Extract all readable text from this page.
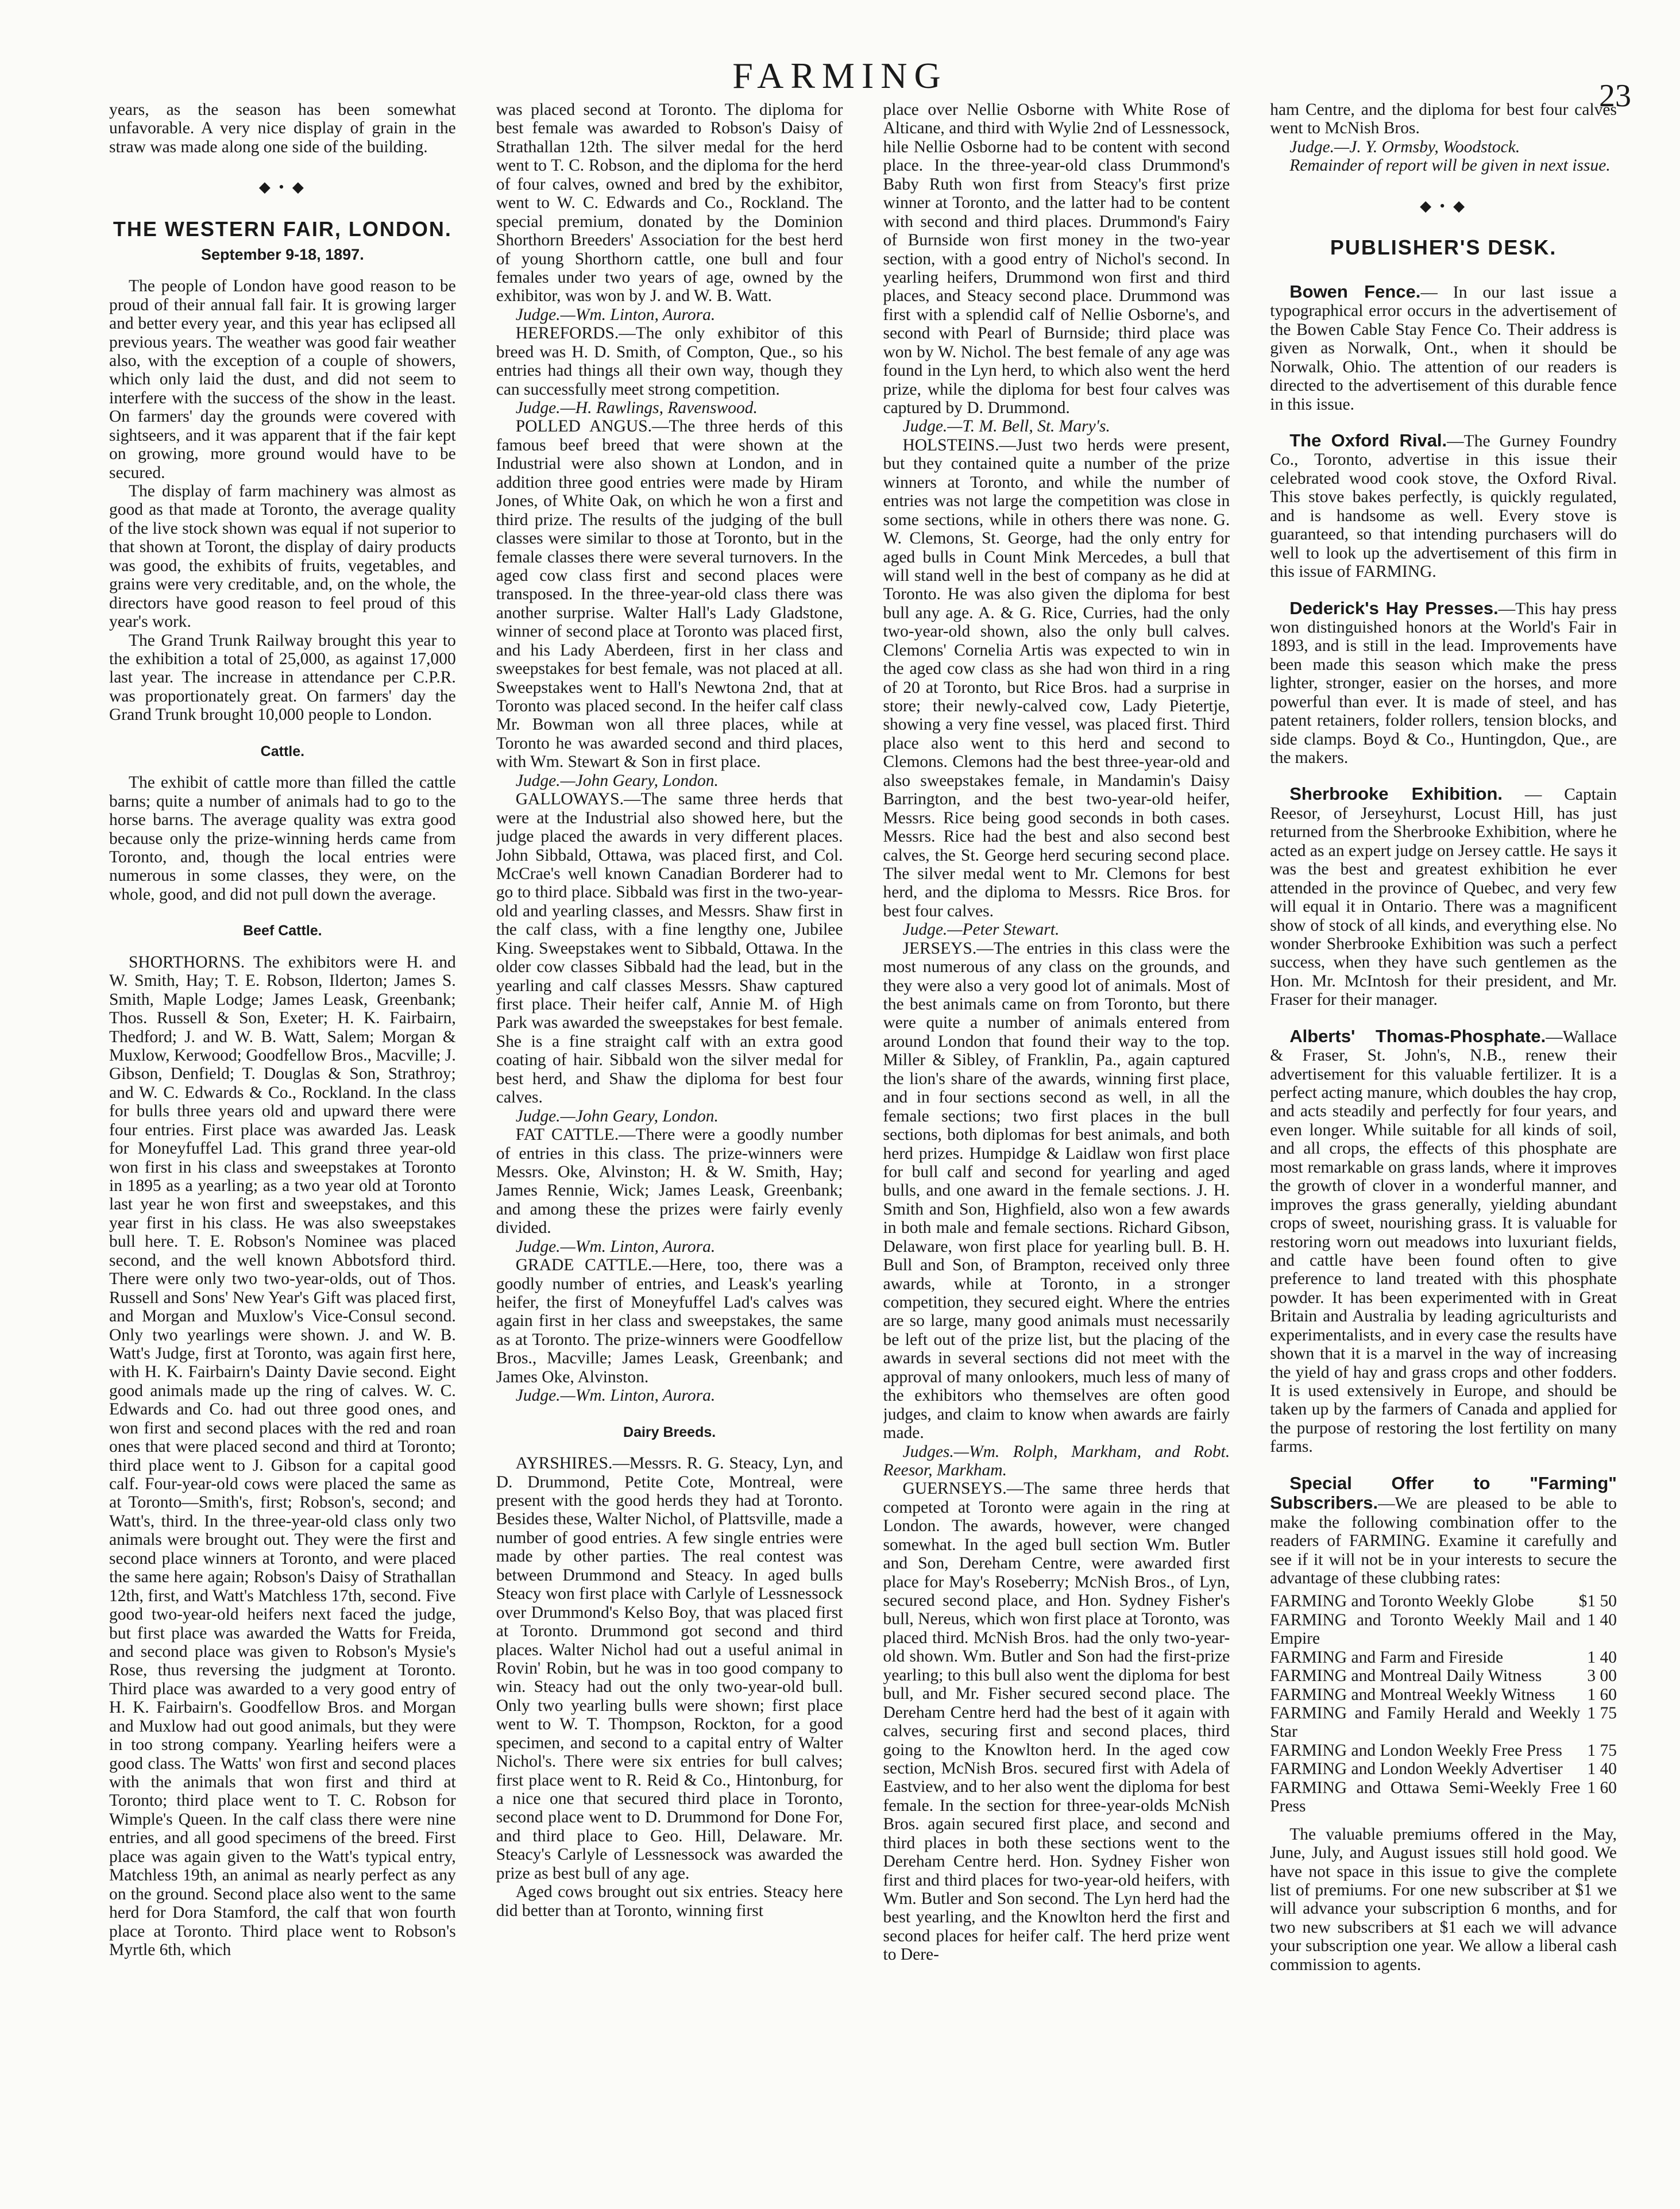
FARMING	23

years, as the season has been somewhat unfavorable. A very nice display of grain in the straw was made along one side of the building.

◆ • ◆
THE WESTERN FAIR, LONDON.
September 9-18, 1897.

The people of London have good reason to be proud of their annual fall fair. It is growing larger and better every year, and this year has eclipsed all previous years. The weather was good fair weather also, with the exception of a couple of showers, which only laid the dust, and did not seem to interfere with the success of the show in the least. On farmers' day the grounds were covered with sightseers, and it was apparent that if the fair kept on growing, more ground would have to be secured.

The display of farm machinery was almost as good as that made at Toronto, the average quality of the live stock shown was equal if not superior to that shown at Toront, the display of dairy products was good, the exhibits of fruits, vegetables, and grains were very creditable, and, on the whole, the directors have good reason to feel proud of this year's work.

The Grand Trunk Railway brought this year to the exhibition a total of 25,000, as against 17,000 last year. The increase in attendance per C.P.R. was proportionately great. On farmers' day the Grand Trunk brought 10,000 people to London.

Cattle.

The exhibit of cattle more than filled the cattle barns; quite a number of animals had to go to the horse barns. The average quality was extra good because only the prize-winning herds came from Toronto, and, though the local entries were numerous in some classes, they were, on the whole, good, and did not pull down the average.

Beef Cattle.

SHORTHORNS. The exhibitors were H. and W. Smith, Hay; T. E. Robson, Ilderton; James S. Smith, Maple Lodge; James Leask, Greenbank; Thos. Russell & Son, Exeter; H. K. Fairbairn, Thedford; J. and W. B. Watt, Salem; Morgan & Muxlow, Kerwood; Goodfellow Bros., Macville; J. Gibson, Denfield; T. Douglas & Son, Strathroy; and W. C. Edwards & Co., Rockland. In the class for bulls three years old and upward there were four entries. First place was awarded Jas. Leask for Moneyfuffel Lad. This grand three year-old won first in his class and sweepstakes at Toronto in 1895 as a yearling; as a two year old at Toronto last year he won first and sweepstakes, and this year first in his class. He was also sweepstakes bull here. T. E. Robson's Nominee was placed second, and the well known Abbotsford third. There were only two two-year-olds, out of Thos. Russell and Sons' New Year's Gift was placed first, and Morgan and Muxlow's Vice-Consul second. Only two yearlings were shown. J. and W. B. Watt's Judge, first at Toronto, was again first here, with H. K. Fairbairn's Dainty Davie second. Eight good animals made up the ring of calves. W. C. Edwards and Co. had out three good ones, and won first and second places with the red and roan ones that were placed second and third at Toronto; third place went to J. Gibson for a capital good calf. Four-year-old cows were placed the same as at Toronto—Smith's, first; Robson's, second; and Watt's, third. In the three-year-old class only two animals were brought out. They were the first and second place winners at Toronto, and were placed the same here again; Robson's Daisy of Strathallan 12th, first, and Watt's Matchless 17th, second. Five good two-year-old heifers next faced the judge, but first place was awarded the Watts for Freida, and second place was given to Robson's Mysie's Rose, thus reversing the judgment at Toronto. Third place was awarded to a very good entry of H. K. Fairbairn's. Goodfellow Bros. and Morgan and Muxlow had out good animals, but they were in too strong company. Yearling heifers were a good class. The Watts' won first and second places with the animals that won first and third at Toronto; third place went to T. C. Robson for Wimple's Queen. In the calf class there were nine entries, and all good specimens of the breed. First place was again given to the Watt's typical entry, Matchless 19th, an animal as nearly perfect as any on the ground. Second place also went to the same herd for Dora Stamford, the calf that won fourth place at Toronto. Third place went to Robson's Myrtle 6th, which

was placed second at Toronto. The diploma for best female was awarded to Robson's Daisy of Strathallan 12th. The silver medal for the herd went to T. C. Robson, and the diploma for the herd of four calves, owned and bred by the exhibitor, went to W. C. Edwards and Co., Rockland. The special premium, donated by the Dominion Shorthorn Breeders' Association for the best herd of young Shorthorn cattle, one bull and four females under two years of age, owned by the exhibitor, was won by J. and W. B. Watt.

Judge.—Wm. Linton, Aurora.

HEREFORDS.—The only exhibitor of this breed was H. D. Smith, of Compton, Que., so his entries had things all their own way, though they can successfully meet strong competition.

Judge.—H. Rawlings, Ravenswood.

POLLED ANGUS.—The three herds of this famous beef breed that were shown at the Industrial were also shown at London, and in addition three good entries were made by Hiram Jones, of White Oak, on which he won a first and third prize. The results of the judging of the bull classes were similar to those at Toronto, but in the female classes there were several turnovers. In the aged cow class first and second places were transposed. In the three-year-old class there was another surprise. Walter Hall's Lady Gladstone, winner of second place at Toronto was placed first, and his Lady Aberdeen, first in her class and sweepstakes for best female, was not placed at all. Sweepstakes went to Hall's Newtona 2nd, that at Toronto was placed second. In the heifer calf class Mr. Bowman won all three places, while at Toronto he was awarded second and third places, with Wm. Stewart & Son in first place.

Judge.—John Geary, London.

GALLOWAYS.—The same three herds that were at the Industrial also showed here, but the judge placed the awards in very different places. John Sibbald, Ottawa, was placed first, and Col. McCrae's well known Canadian Borderer had to go to third place. Sibbald was first in the two-year-old and yearling classes, and Messrs. Shaw first in the calf class, with a fine lengthy one, Jubilee King. Sweepstakes went to Sibbald, Ottawa. In the older cow classes Sibbald had the lead, but in the yearling and calf classes Messrs. Shaw captured first place. Their heifer calf, Annie M. of High Park was awarded the sweepstakes for best female. She is a fine straight calf with an extra good coating of hair. Sibbald won the silver medal for best herd, and Shaw the diploma for best four calves.

Judge.—John Geary, London.

FAT CATTLE.—There were a goodly number of entries in this class. The prize-winners were Messrs. Oke, Alvinston; H. & W. Smith, Hay; James Rennie, Wick; James Leask, Greenbank; and among these the prizes were fairly evenly divided.

Judge.—Wm. Linton, Aurora.

GRADE CATTLE.—Here, too, there was a goodly number of entries, and Leask's yearling heifer, the first of Moneyfuffel Lad's calves was again first in her class and sweepstakes, the same as at Toronto. The prize-winners were Goodfellow Bros., Macville; James Leask, Greenbank; and James Oke, Alvinston.

Judge.—Wm. Linton, Aurora.

Dairy Breeds.

AYRSHIRES.—Messrs. R. G. Steacy, Lyn, and D. Drummond, Petite Cote, Montreal, were present with the good herds they had at Toronto. Besides these, Walter Nichol, of Plattsville, made a number of good entries. A few single entries were made by other parties. The real contest was between Drummond and Steacy. In aged bulls Steacy won first place with Carlyle of Lessnessock over Drummond's Kelso Boy, that was placed first at Toronto. Drummond got second and third places. Walter Nichol had out a useful animal in Rovin' Robin, but he was in too good company to win. Steacy had out the only two-year-old bull. Only two yearling bulls were shown; first place went to W. T. Thompson, Rockton, for a good specimen, and second to a capital entry of Walter Nichol's. There were six entries for bull calves; first place went to R. Reid & Co., Hintonburg, for a nice one that secured third place in Toronto, second place went to D. Drummond for Done For, and third place to Geo. Hill, Delaware. Mr. Steacy's Carlyle of Lessnessock was awarded the prize as best bull of any age.

Aged cows brought out six entries. Steacy here did better than at Toronto, winning first

place over Nellie Osborne with White Rose of Alticane, and third with Wylie 2nd of Lessnessock, hile Nellie Osborne had to be content with second place. In the three-year-old class Drummond's Baby Ruth won first from Steacy's first prize winner at Toronto, and the latter had to be content with second and third places. Drummond's Fairy of Burnside won first money in the two-year section, with a good entry of Nichol's second. In yearling heifers, Drummond won first and third places, and Steacy second place. Drummond was first with a splendid calf of Nellie Osborne's, and second with Pearl of Burnside; third place was won by W. Nichol. The best female of any age was found in the Lyn herd, to which also went the herd prize, while the diploma for best four calves was captured by D. Drummond.

Judge.—T. M. Bell, St. Mary's.

HOLSTEINS.—Just two herds were present, but they contained quite a number of the prize winners at Toronto, and while the number of entries was not large the competition was close in some sections, while in others there was none. G. W. Clemons, St. George, had the only entry for aged bulls in Count Mink Mercedes, a bull that will stand well in the best of company as he did at Toronto. He was also given the diploma for best bull any age. A. & G. Rice, Curries, had the only two-year-old shown, also the only bull calves. Clemons' Cornelia Artis was expected to win in the aged cow class as she had won third in a ring of 20 at Toronto, but Rice Bros. had a surprise in store; their newly-calved cow, Lady Pietertje, showing a very fine vessel, was placed first. Third place also went to this herd and second to Clemons. Clemons had the best three-year-old and also sweepstakes female, in Mandamin's Daisy Barrington, and the best two-year-old heifer, Messrs. Rice being good seconds in both cases. Messrs. Rice had the best and also second best calves, the St. George herd securing second place. The silver medal went to Mr. Clemons for best herd, and the diploma to Messrs. Rice Bros. for best four calves.

Judge.—Peter Stewart.

JERSEYS.—The entries in this class were the most numerous of any class on the grounds, and they were also a very good lot of animals. Most of the best animals came on from Toronto, but there were quite a number of animals entered from around London that found their way to the top. Miller & Sibley, of Franklin, Pa., again captured the lion's share of the awards, winning first place, and in four sections second as well, in all the female sections; two first places in the bull sections, both diplomas for best animals, and both herd prizes. Humpidge & Laidlaw won first place for bull calf and second for yearling and aged bulls, and one award in the female sections. J. H. Smith and Son, Highfield, also won a few awards in both male and female sections. Richard Gibson, Delaware, won first place for yearling bull. B. H. Bull and Son, of Brampton, received only three awards, while at Toronto, in a stronger competition, they secured eight. Where the entries are so large, many good animals must necessarily be left out of the prize list, but the placing of the awards in several sections did not meet with the approval of many onlookers, much less of many of the exhibitors who themselves are often good judges, and claim to know when awards are fairly made.

Judges.—Wm. Rolph, Markham, and Robt. Reesor, Markham.

GUERNSEYS.—The same three herds that competed at Toronto were again in the ring at London. The awards, however, were changed somewhat. In the aged bull section Wm. Butler and Son, Dereham Centre, were awarded first place for May's Roseberry; McNish Bros., of Lyn, secured second place, and Hon. Sydney Fisher's bull, Nereus, which won first place at Toronto, was placed third. McNish Bros. had the only two-year-old shown. Wm. Butler and Son had the first-prize yearling; to this bull also went the diploma for best bull, and Mr. Fisher secured second place. The Dereham Centre herd had the best of it again with calves, securing first and second places, third going to the Knowlton herd. In the aged cow section, McNish Bros. secured first with Adela of Eastview, and to her also went the diploma for best female. In the section for three-year-olds McNish Bros. again secured first place, and second and third places in both these sections went to the Dereham Centre herd. Hon. Sydney Fisher won first and third places for two-year-old heifers, with Wm. Butler and Son second. The Lyn herd had the best yearling, and the Knowlton herd the first and second places for heifer calf. The herd prize went to Dere-

ham Centre, and the diploma for best four calves went to McNish Bros.

Judge.—J. Y. Ormsby, Woodstock.

Remainder of report will be given in next issue.

◆ • ◆
PUBLISHER'S DESK.

Bowen Fence.— In our last issue a typographical error occurs in the advertisement of the Bowen Cable Stay Fence Co. Their address is given as Norwalk, Ont., when it should be Norwalk, Ohio. The attention of our readers is directed to the advertisement of this durable fence in this issue.

The Oxford Rival.—The Gurney Foundry Co., Toronto, advertise in this issue their celebrated wood cook stove, the Oxford Rival. This stove bakes perfectly, is quickly regulated, and is handsome as well. Every stove is guaranteed, so that intending purchasers will do well to look up the advertisement of this firm in this issue of FARMING.

Dederick's Hay Presses.—This hay press won distinguished honors at the World's Fair in 1893, and is still in the lead. Improvements have been made this season which make the press lighter, stronger, easier on the horses, and more powerful than ever. It is made of steel, and has patent retainers, folder rollers, tension blocks, and side clamps. Boyd & Co., Huntingdon, Que., are the makers.

Sherbrooke Exhibition. — Captain Reesor, of Jerseyhurst, Locust Hill, has just returned from the Sherbrooke Exhibition, where he acted as an expert judge on Jersey cattle. He says it was the best and greatest exhibition he ever attended in the province of Quebec, and very few will equal it in Ontario. There was a magnificent show of stock of all kinds, and everything else. No wonder Sherbrooke Exhibition was such a perfect success, when they have such gentlemen as the Hon. Mr. McIntosh for their president, and Mr. Fraser for their manager.

Alberts' Thomas-Phosphate.—Wallace & Fraser, St. John's, N.B., renew their advertisement for this valuable fertilizer. It is a perfect acting manure, which doubles the hay crop, and acts steadily and perfectly for four years, and even longer. While suitable for all kinds of soil, and all crops, the effects of this phosphate are most remarkable on grass lands, where it improves the growth of clover in a wonderful manner, and improves the grass generally, yielding abundant crops of sweet, nourishing grass. It is valuable for restoring worn out meadows into luxuriant fields, and cattle have been found often to give preference to land treated with this phosphate powder. It has been experimented with in Great Britain and Australia by leading agriculturists and experimentalists, and in every case the results have shown that it is a marvel in the way of increasing the yield of hay and grass crops and other fodders. It is used extensively in Europe, and should be taken up by the farmers of Canada and applied for the purpose of restoring the lost fertility on many farms.

Special Offer to "Farming" Subscribers.—We are pleased to be able to make the following combination offer to the readers of FARMING. Examine it carefully and see if it will not be in your interests to secure the advantage of these clubbing rates:

FARMING and Toronto Weekly Globe	$1 50
FARMING and Toronto Weekly Mail and Empire
1 40
FARMING and Farm and Fireside	1 40
FARMING and Montreal Daily Witness	3 00
FARMING and Montreal Weekly Witness	1 60
FARMING and Family Herald and Weekly Star
1 75
FARMING and London Weekly Free Press	1 75
FARMING and London Weekly Advertiser	1 40
FARMING and Ottawa Semi-Weekly Free Press
1 60

The valuable premiums offered in the May, June, July, and August issues still hold good. We have not space in this issue to give the complete list of premiums. For one new subscriber at $1 we will advance your subscription 6 months, and for two new subscribers at $1 each we will advance your subscription one year. We allow a liberal cash commission to agents.
